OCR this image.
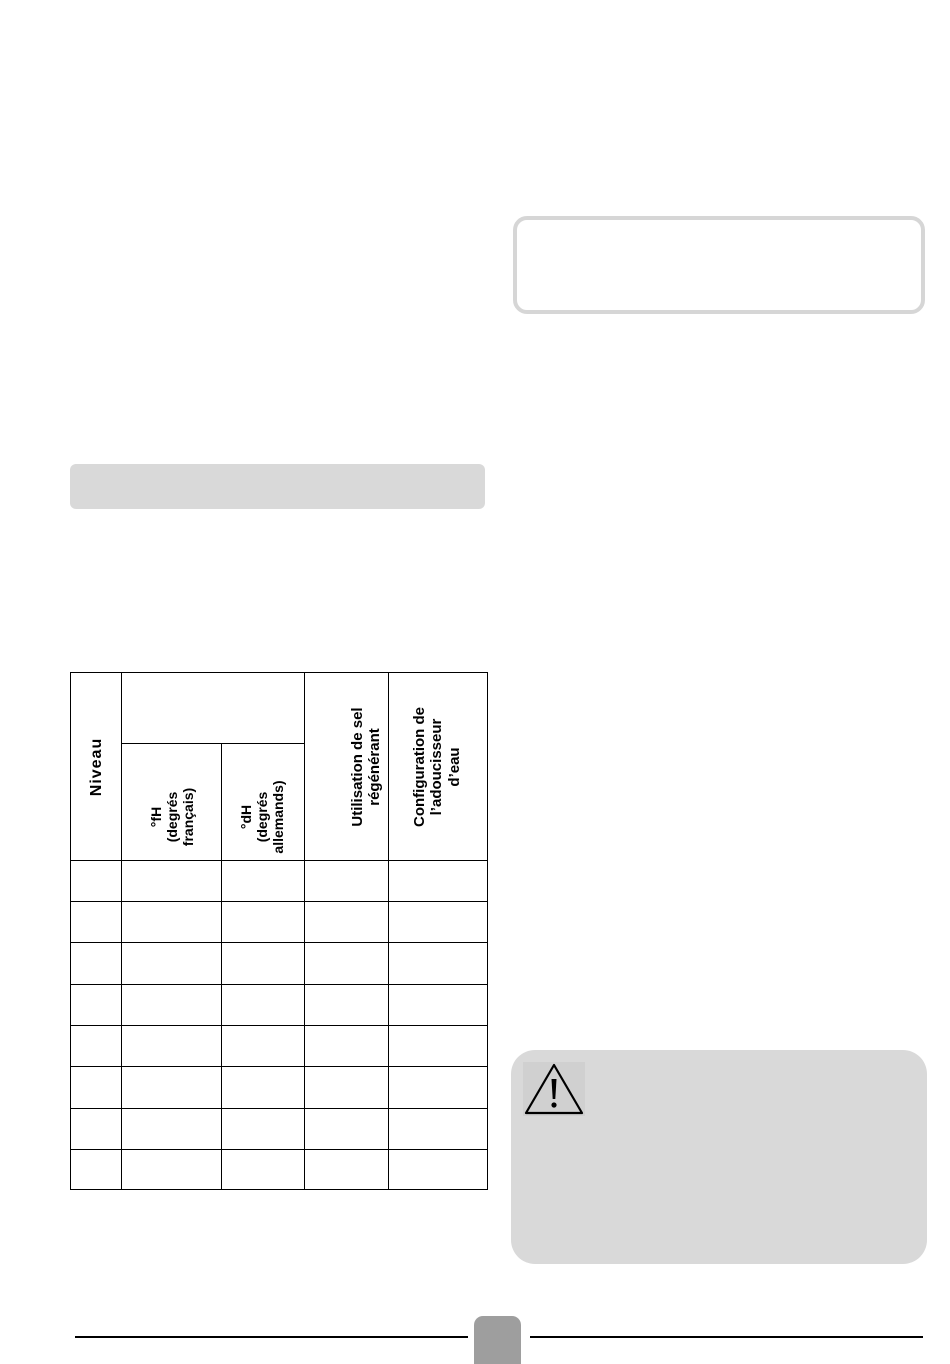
Niveau
°fH (degrés français)	°dH (degrés allemands)	Utilisation de sel régénérant Configuration de l’adoucisseur d’eau
